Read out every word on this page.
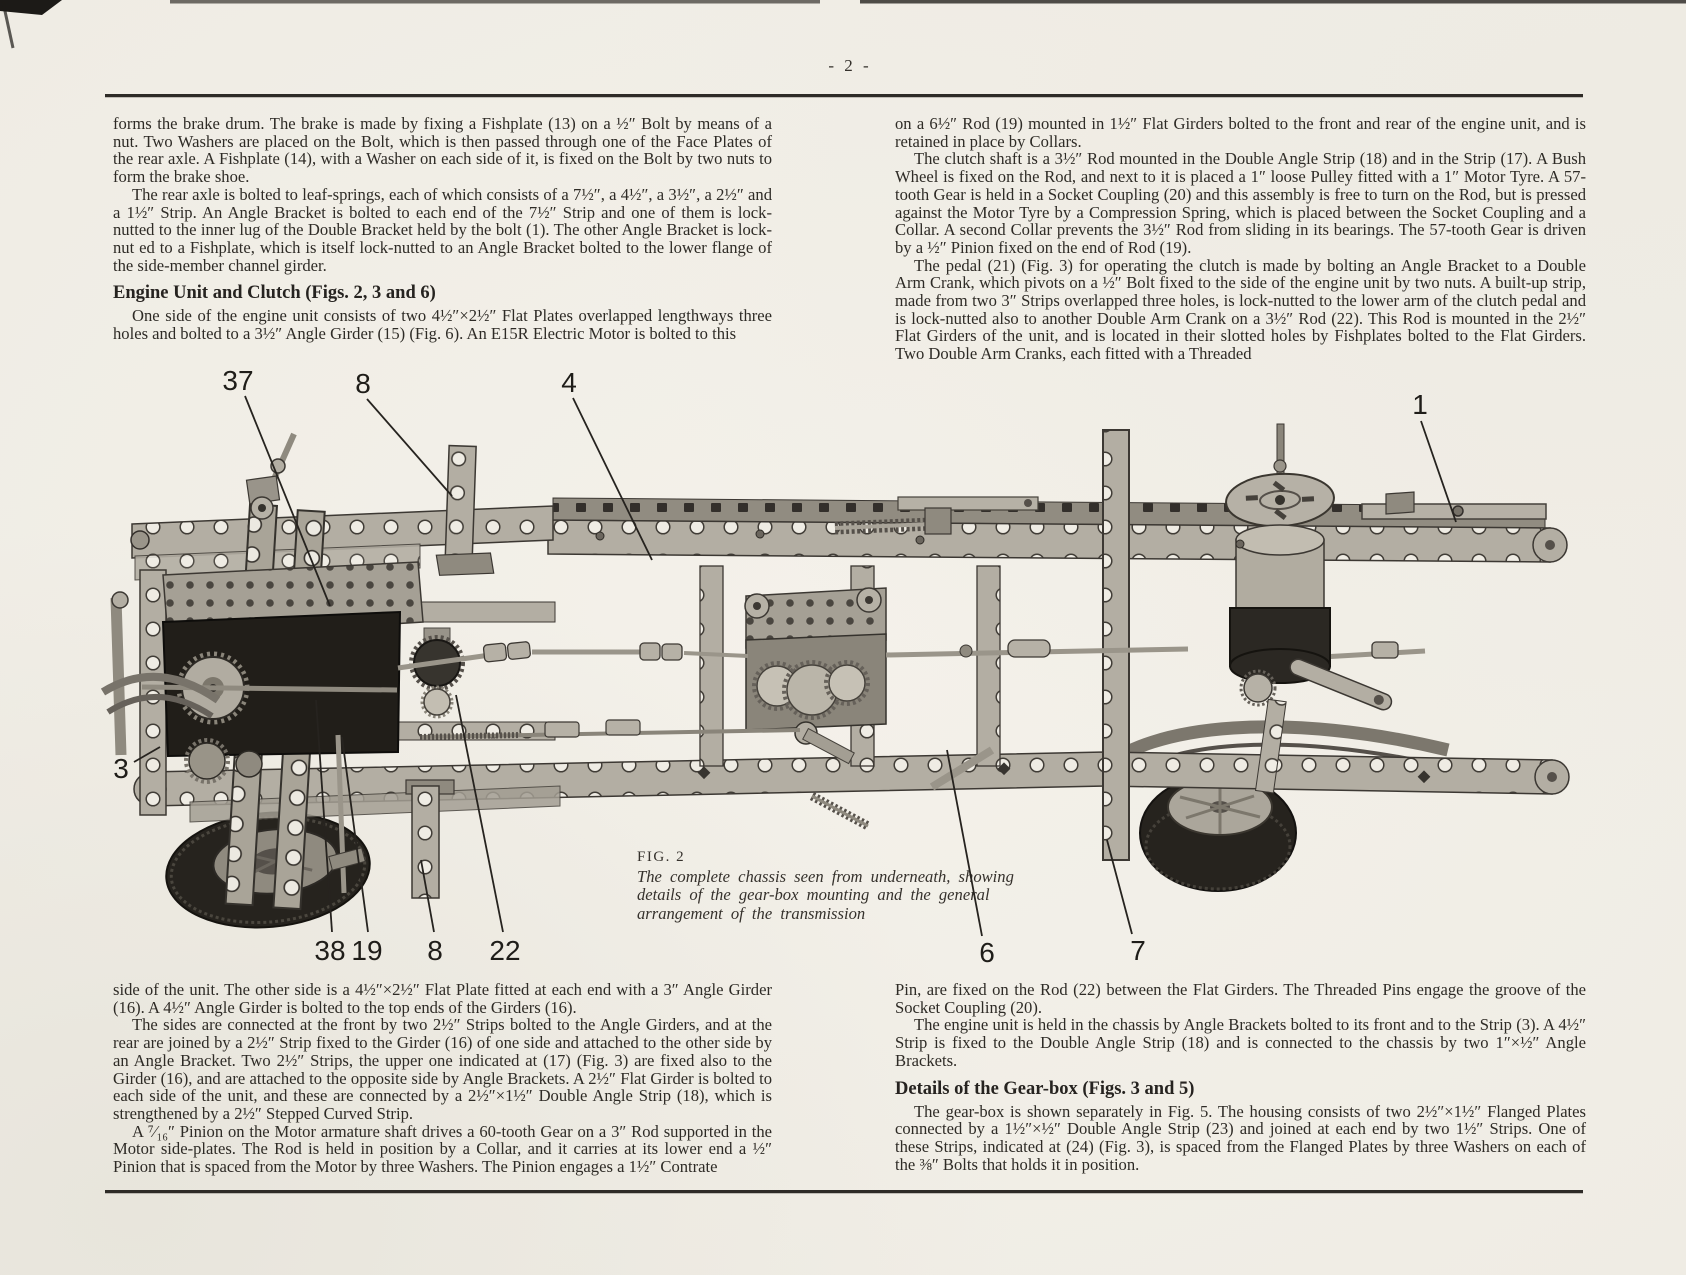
- 2 -

forms the brake drum. The brake is made by fixing a Fishplate (13) on a ½″ Bolt by means of a nut. Two Washers are placed on the Bolt, which is then passed through one of the Face Plates of the rear axle. A Fishplate (14), with a Washer on each side of it, is fixed on the Bolt by two nuts to form the brake shoe.

The rear axle is bolted to leaf-springs, each of which consists of a 7½″, a 4½″, a 3½″, a 2½″ and a 1½″ Strip. An Angle Bracket is bolted to each end of the 7½″ Strip and one of them is lock-nutted to the inner lug of the Double Bracket held by the bolt (1). The other Angle Bracket is lock-nut ed to a Fishplate, which is itself lock-nutted to an Angle Bracket bolted to the lower flange of the side-member channel girder.

Engine Unit and Clutch (Figs. 2, 3 and 6)

One side of the engine unit consists of two 4½″×2½″ Flat Plates overlapped lengthways three holes and bolted to a 3½″ Angle Girder (15) (Fig. 6). An E15R Electric Motor is bolted to this

on a 6½″ Rod (19) mounted in 1½″ Flat Girders bolted to the front and rear of the engine unit, and is retained in place by Collars.

The clutch shaft is a 3½″ Rod mounted in the Double Angle Strip (18) and in the Strip (17). A Bush Wheel is fixed on the Rod, and next to it is placed a 1″ loose Pulley fitted with a 1″ Motor Tyre. A 57-tooth Gear is held in a Socket Coupling (20) and this assembly is free to turn on the Rod, but is pressed against the Motor Tyre by a Compression Spring, which is placed between the Socket Coupling and a Collar. A second Collar prevents the 3½″ Rod from sliding in its bearings. The 57-tooth Gear is driven by a ½″ Pinion fixed on the end of Rod (19).

The pedal (21) (Fig. 3) for operating the clutch is made by bolting an Angle Bracket to a Double Arm Crank, which pivots on a ½″ Bolt fixed to the side of the engine unit by two nuts. A built-up strip, made from two 3″ Strips overlapped three holes, is lock-nutted to the lower arm of the clutch pedal and is lock-nutted also to another Double Arm Crank on a 3½″ Rod (22). This Rod is mounted in the 2½″ Flat Girders of the unit, and is located in their slotted holes by Fishplates bolted to the Flat Girders. Two Double Arm Cranks, each fitted with a Threaded

side of the unit. The other side is a 4½″×2½″ Flat Plate fitted at each end with a 3″ Angle Girder (16). A 4½″ Angle Girder is bolted to the top ends of the Girders (16).

The sides are connected at the front by two 2½″ Strips bolted to the Angle Girders, and at the rear are joined by a 2½″ Strip fixed to the Girder (16) of one side and attached to the other side by an Angle Bracket. Two 2½″ Strips, the upper one indicated at (17) (Fig. 3) are fixed also to the Girder (16), and are attached to the opposite side by Angle Brackets. A 2½″ Flat Girder is bolted to each side of the unit, and these are connected by a 2½″×1½″ Double Angle Strip (18), which is strengthened by a 2½″ Stepped Curved Strip.

A ⁷⁄₁₆″ Pinion on the Motor armature shaft drives a 60-tooth Gear on a 3″ Rod supported in the Motor side-plates. The Rod is held in position by a Collar, and it carries at its lower end a ½″ Pinion that is spaced from the Motor by three Washers. The Pinion engages a 1½″ Contrate

Pin, are fixed on the Rod (22) between the Flat Girders. The Threaded Pins engage the groove of the Socket Coupling (20).

The engine unit is held in the chassis by Angle Brackets bolted to its front and to the Strip (3). A 4½″ Strip is fixed to the Double Angle Strip (18) and is connected to the chassis by two 1″×½″ Angle Brackets.

Details of the Gear-box (Figs. 3 and 5)

The gear-box is shown separately in Fig. 5. The housing consists of two 2½″×1½″ Flanged Plates connected by a 1½″×½″ Double Angle Strip (23) and joined at each end by two 1½″ Strips. One of these Strips, indicated at (24) (Fig. 3), is spaced from the Flanged Plates by three Washers on each of the ⅜″ Bolts that holds it in position.

FIG. 2
The complete chassis seen from underneath, showing
details of the gear-box mounting and the general
arrangement of the transmission
37	8	4
1
3
38 19 8 22	6	7
